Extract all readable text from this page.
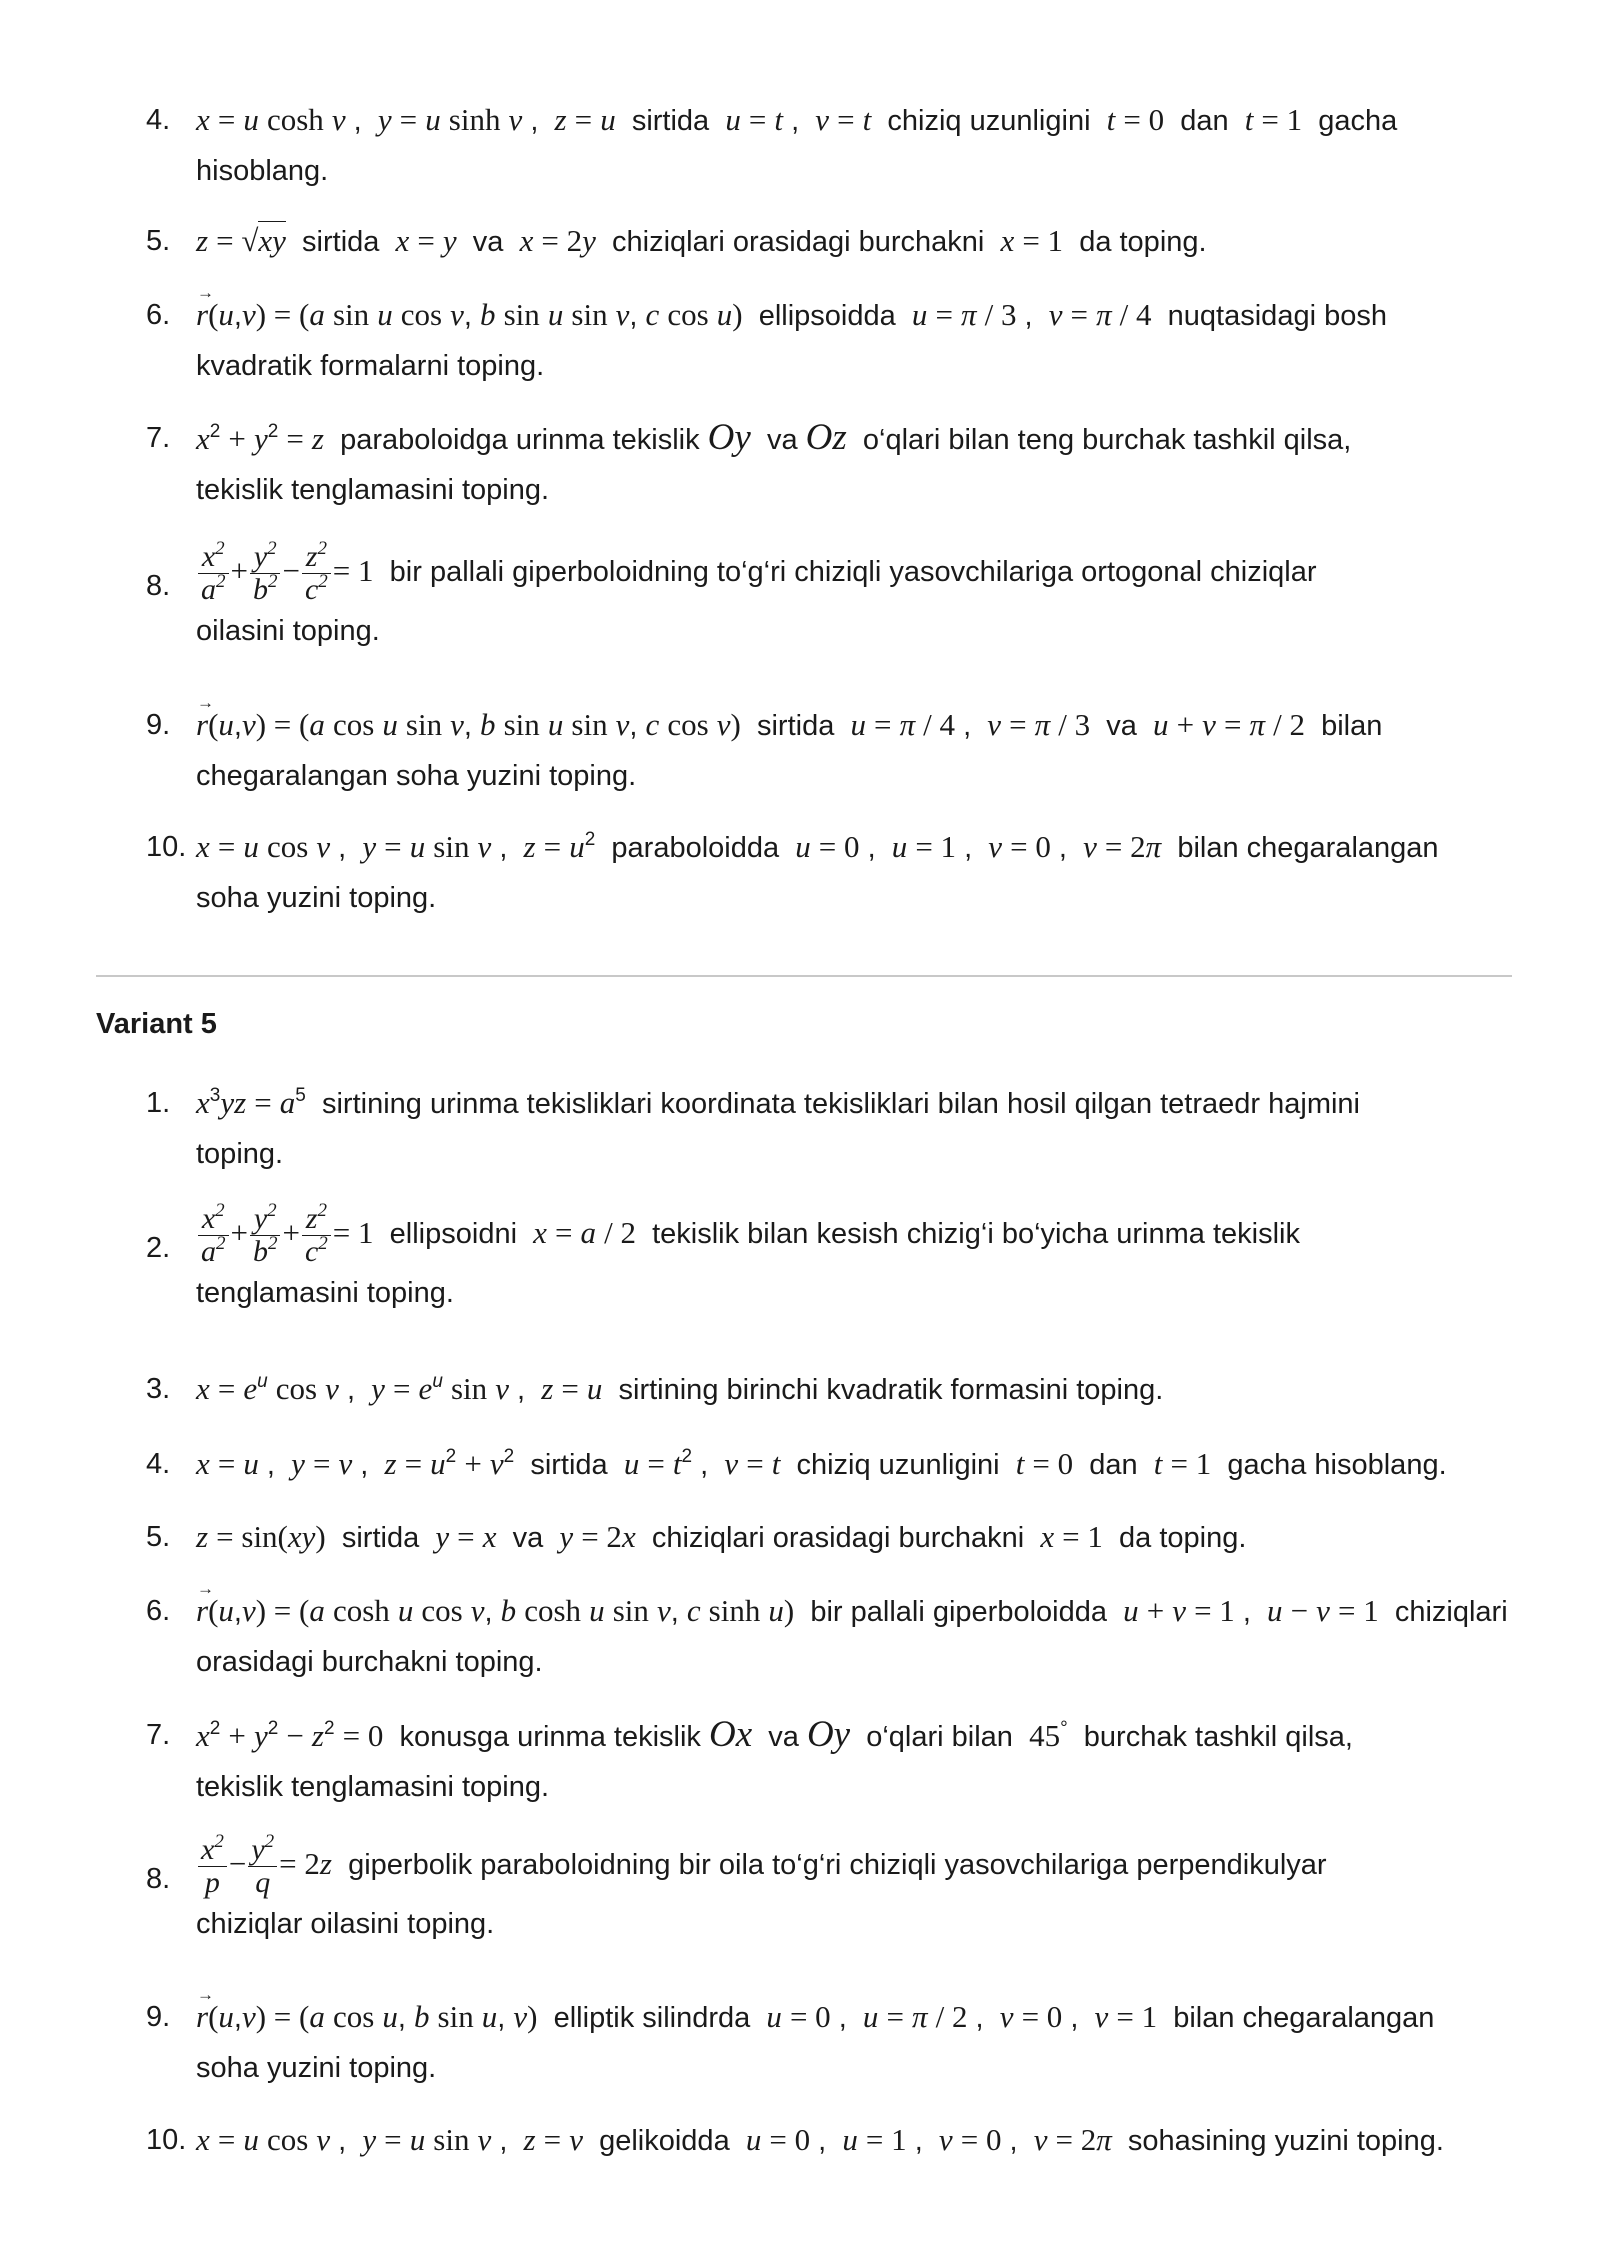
4. x = u cosh v ,  y = u sinh v ,  z = u sirtida u = t ,  v = t chiziq uzunligini t = 0 dan t = 1 gacha
hisoblang.
5. z = √xy sirtida x = y va x = 2y chiziqlari orasidagi burchakni x = 1 da toping.
6. r →(u,v) = (a sin u cos v, b sin u sin v, c cos u) ellipsoidda u = π / 3 ,  v = π / 4 nuqtasidagi bosh
kvadratik formalarni toping.
7. $x^2 + y^2 = z$ paraboloidga urinma tekislik Oy va Oz o‘qlari bilan teng burchak tashkil qilsa,
tekislik tenglamasini toping.
8. $\frac{x^2}{a^2} + \frac{y^2}{b^2} - \frac{z^2}{c^2} = 1$ bir pallali giperboloidning to‘g‘ri chiziqli yasovchilariga ortogonal chiziqlar
oilasini toping.
9. r →(u,v) = (a cos u sin v, b sin u sin v, c cos v) sirtida u = π / 4 ,  v = π / 3 va u + v = π / 2 bilan
chegaralangan soha yuzini toping.
10. x = u cos v ,  y = u sin v ,  $z = u^2$ paraboloidda u = 0 ,  u = 1 ,  v = 0 ,  v = 2π bilan chegaralangan
soha yuzini toping.
Variant 5
1. $x^3yz = a^5$ sirtining urinma tekisliklari koordinata tekisliklari bilan hosil qilgan tetraedr hajmini
toping.
2. $\frac{x^2}{a^2} + \frac{y^2}{b^2} + \frac{z^2}{c^2} = 1$ ellipsoidni x = a / 2 tekislik bilan kesish chizig‘i bo‘yicha urinma tekislik
tenglamasini toping.
3. $x = e^u$ cos v ,  $y = e^u$ sin v ,  z = u sirtining birinchi kvadratik formasini toping.
4. x = u ,  y = v ,  $z = u^2 + v^2$ sirtida $u = t^2$ ,  v = t chiziq uzunligini t = 0 dan t = 1 gacha hisoblang.
5. z = sin(xy) sirtida y = x va y = 2x chiziqlari orasidagi burchakni x = 1 da toping.
6. r →(u,v) = (a cosh u cos v, b cosh u sin v, c sinh u) bir pallali giperboloidda u + v = 1 ,  u − v = 1 chiziqlari
orasidagi burchakni toping.
7. $x^2 + y^2 - z^2 = 0$ konusga urinma tekislik Ox va Oy o‘qlari bilan 45° burchak tashkil qilsa,
tekislik tenglamasini toping.
8. $\frac{x^2}{p} - \frac{y^2}{q} = 2z$ giperbolik paraboloidning bir oila to‘g‘ri chiziqli yasovchilariga perpendikulyar
chiziqlar oilasini toping.
9. r →(u,v) = (a cos u, b sin u, v) elliptik silindrda u = 0 ,  u = π / 2 ,  v = 0 ,  v = 1 bilan chegaralangan
soha yuzini toping.
10. x = u cos v ,  y = u sin v ,  z = v gelikoidda u = 0 ,  u = 1 ,  v = 0 ,  v = 2π sohasining yuzini toping.
